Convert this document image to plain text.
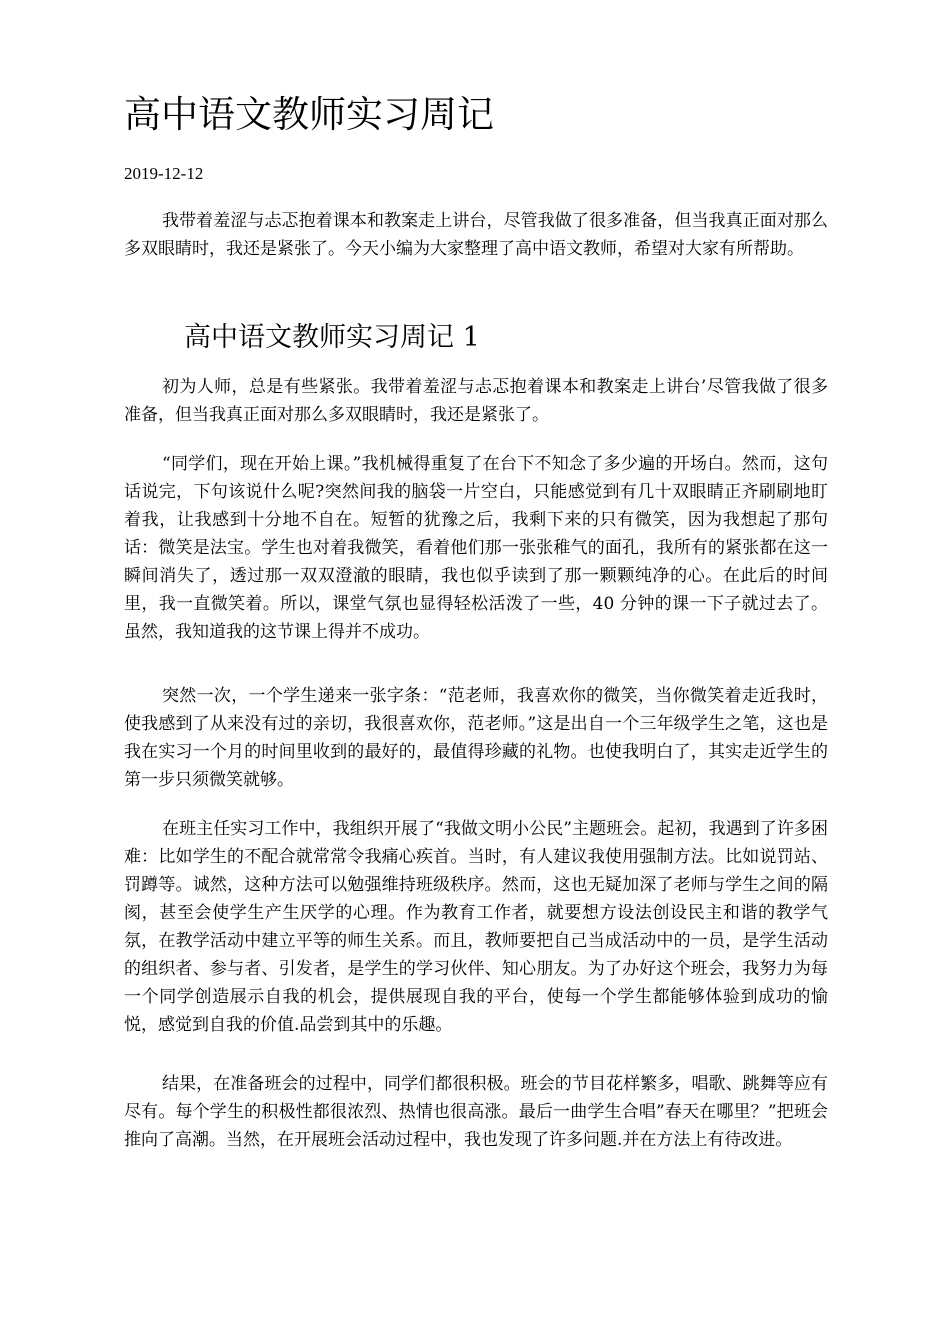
高中语文教师实习周记

2019-12-12

我带着羞涩与忐忑抱着课本和教案走上讲台，尽管我做了很多准备，但当我真正面对那么多双眼睛时，我还是紧张了。今天小编为大家整理了高中语文教师，希望对大家有所帮助。

高中语文教师实习周记 1

初为人师，总是有些紧张。我带着羞涩与忐忑抱着课本和教案走上讲台’尽管我做了很多准备，但当我真正面对那么多双眼睛时，我还是紧张了。

“同学们，现在开始上课。”我机械得重复了在台下不知念了多少遍的开场白。然而，这句话说完，下句该说什么呢?突然间我的脑袋一片空白，只能感觉到有几十双眼睛正齐刷刷地盯着我，让我感到十分地不自在。短暂的犹豫之后，我剩下来的只有微笑，因为我想起了那句话：微笑是法宝。学生也对着我微笑，看着他们那一张张稚气的面孔，我所有的紧张都在这一瞬间消失了，透过那一双双澄澈的眼睛，我也似乎读到了那一颗颗纯净的心。在此后的时间里，我一直微笑着。所以，课堂气氛也显得轻松活泼了一些，40 分钟的课一下子就过去了。虽然，我知道我的这节课上得并不成功。

突然一次，一个学生递来一张字条：“范老师，我喜欢你的微笑，当你微笑着走近我时，使我感到了从来没有过的亲切，我很喜欢你，范老师。”这是出自一个三年级学生之笔，这也是我在实习一个月的时间里收到的最好的，最值得珍藏的礼物。也使我明白了，其实走近学生的第一步只须微笑就够。

在班主任实习工作中，我组织开展了“我做文明小公民”主题班会。起初，我遇到了许多困难：比如学生的不配合就常常令我痛心疾首。当时，有人建议我使用强制方法。比如说罚站、罚蹲等。诚然，这种方法可以勉强维持班级秩序。然而，这也无疑加深了老师与学生之间的隔阂，甚至会使学生产生厌学的心理。作为教育工作者，就要想方设法创设民主和谐的教学气氛，在教学活动中建立平等的师生关系。而且，教师要把自己当成活动中的一员，是学生活动的组织者、参与者、引发者，是学生的学习伙伴、知心朋友。为了办好这个班会，我努力为每一个同学创造展示自我的机会，提供展现自我的平台，使每一个学生都能够体验到成功的愉悦，感觉到自我的价值.品尝到其中的乐趣。

结果，在准备班会的过程中，同学们都很积极。班会的节目花样繁多，唱歌、跳舞等应有尽有。每个学生的积极性都很浓烈、热情也很高涨。最后一曲学生合唱”春天在哪里？”把班会推向了高潮。当然，在开展班会活动过程中，我也发现了许多问题.并在方法上有待改进。
